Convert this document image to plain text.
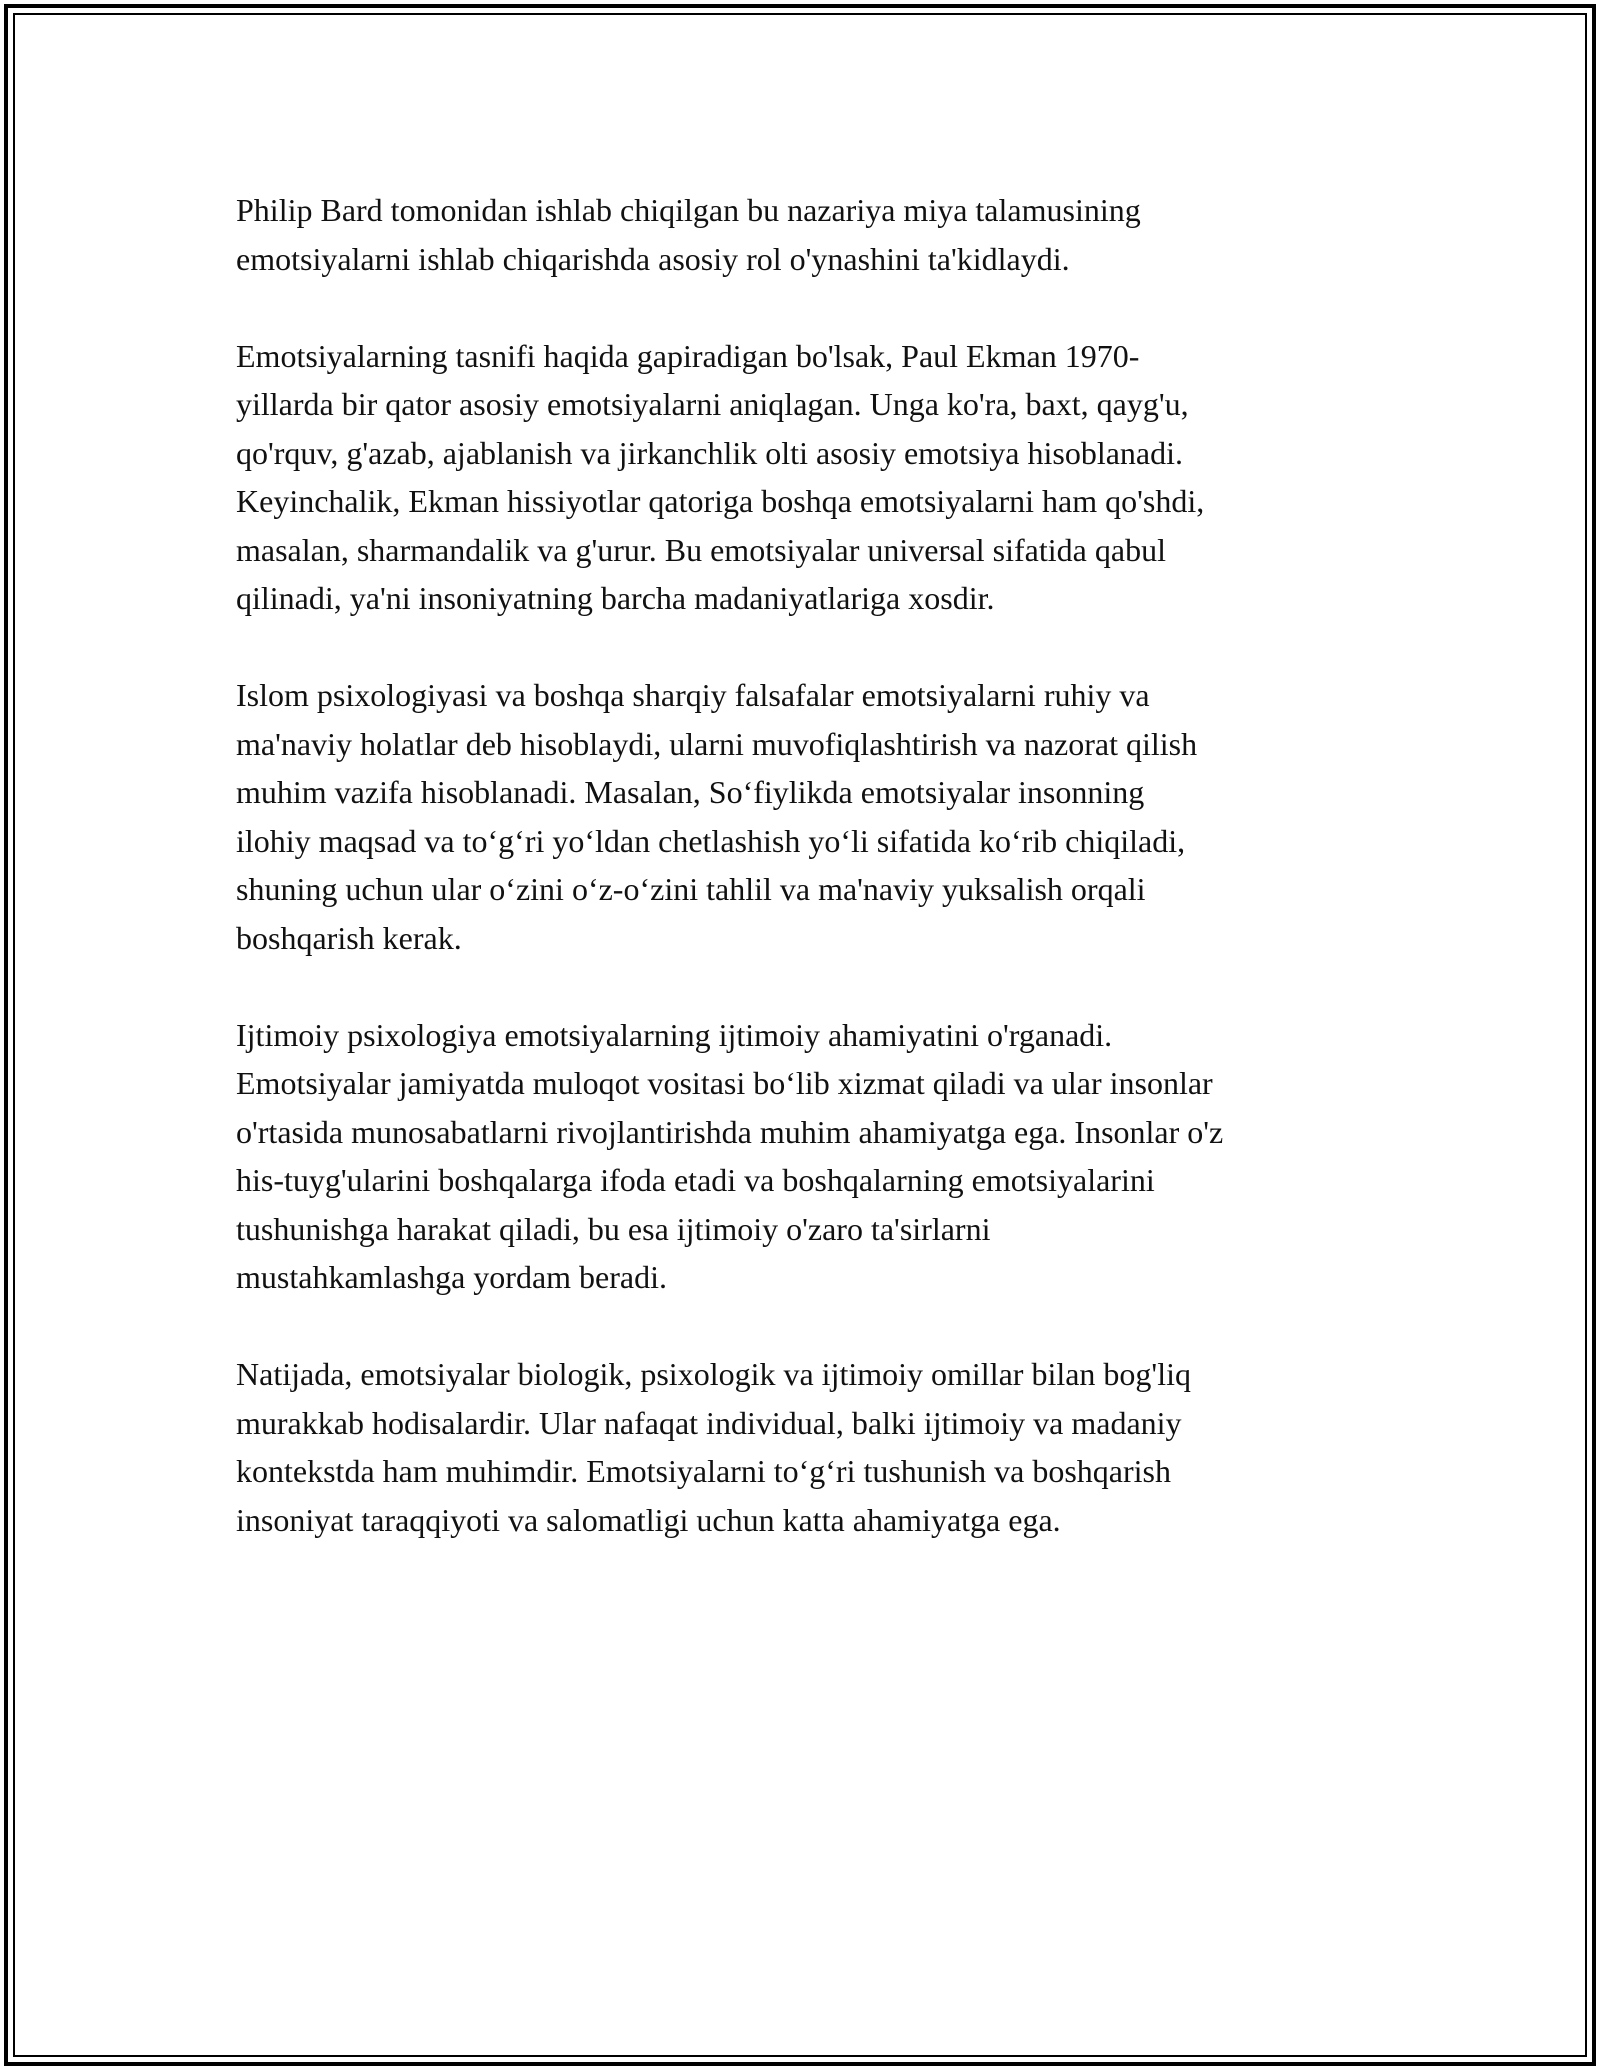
Philip Bard tomonidan ishlab chiqilgan bu nazariya miya talamusining
emotsiyalarni ishlab chiqarishda asosiy rol o'ynashini ta'kidlaydi.

Emotsiyalarning tasnifi haqida gapiradigan bo'lsak, Paul Ekman 1970-
yillarda bir qator asosiy emotsiyalarni aniqlagan. Unga ko'ra, baxt, qayg'u,
qo'rquv, g'azab, ajablanish va jirkanchlik olti asosiy emotsiya hisoblanadi.
Keyinchalik, Ekman hissiyotlar qatoriga boshqa emotsiyalarni ham qo'shdi,
masalan, sharmandalik va g'urur. Bu emotsiyalar universal sifatida qabul
qilinadi, ya'ni insoniyatning barcha madaniyatlariga xosdir.

Islom psixologiyasi va boshqa sharqiy falsafalar emotsiyalarni ruhiy va
ma'naviy holatlar deb hisoblaydi, ularni muvofiqlashtirish va nazorat qilish
muhim vazifa hisoblanadi. Masalan, So‘fiylikda emotsiyalar insonning
ilohiy maqsad va to‘g‘ri yo‘ldan chetlashish yo‘li sifatida ko‘rib chiqiladi,
shuning uchun ular o‘zini o‘z-o‘zini tahlil va ma'naviy yuksalish orqali
boshqarish kerak.

Ijtimoiy psixologiya emotsiyalarning ijtimoiy ahamiyatini o'rganadi.
Emotsiyalar jamiyatda muloqot vositasi bo‘lib xizmat qiladi va ular insonlar
o'rtasida munosabatlarni rivojlantirishda muhim ahamiyatga ega. Insonlar o'z
his-tuyg'ularini boshqalarga ifoda etadi va boshqalarning emotsiyalarini
tushunishga harakat qiladi, bu esa ijtimoiy o'zaro ta'sirlarni
mustahkamlashga yordam beradi.

Natijada, emotsiyalar biologik, psixologik va ijtimoiy omillar bilan bog'liq
murakkab hodisalardir. Ular nafaqat individual, balki ijtimoiy va madaniy
kontekstda ham muhimdir. Emotsiyalarni to‘g‘ri tushunish va boshqarish
insoniyat taraqqiyoti va salomatligi uchun katta ahamiyatga ega.
